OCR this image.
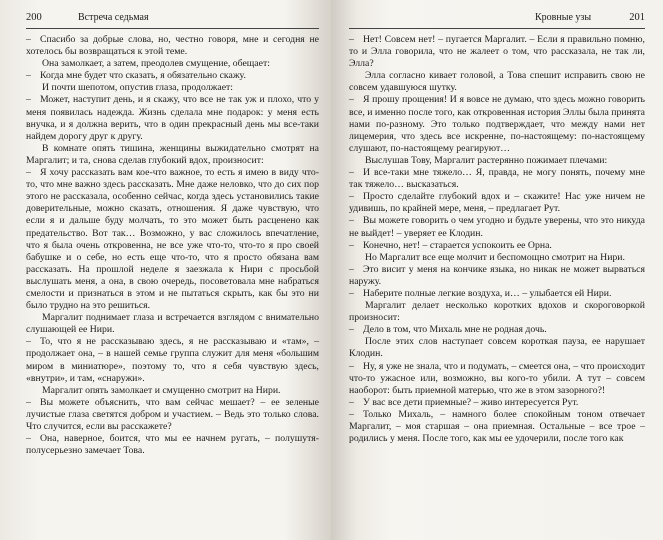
200	Встреча седьмая

– Спасибо за добрые слова, но, честно говоря, мне и сегодня не хотелось бы возвращаться к этой теме.

Она замолкает, а затем, преодолев смущение, обещает:

– Когда мне будет что сказать, я обязательно скажу.

И почти шепотом, опустив глаза, продолжает:

– Может, наступит день, и я скажу, что все не так уж и плохо, что у меня появилась надежда. Жизнь сделала мне подарок: у меня есть внучка, и я должна верить, что в один прекрасный день мы все-таки найдем дорогу друг к другу.

В комнате опять тишина, женщины выжидательно смотрят на Маргалит; и та, снова сделав глубокий вдох, произносит:

– Я хочу рассказать вам кое-что важное, то есть я имею в виду что-то, что мне важно здесь рассказать. Мне даже неловко, что до сих пор этого не рассказала, особенно сейчас, когда здесь установились такие доверительные, можно сказать, отношения. Я даже чувствую, что если я и дальше буду молчать, то это может быть расценено как предательство. Вот так… Возможно, у вас сложилось впечатление, что я была очень откровенна, не все уже что-то, что-то я про своей бабушке и о себе, но есть еще что-то, что я просто обязана вам рассказать. На прошлой неделе я заезжала к Нири с просьбой выслушать меня, а она, в свою очередь, посоветовала мне набраться смелости и признаться в этом и не пытаться скрыть, как бы это ни было трудно на это решиться.

Маргалит поднимает глаза и встречается взглядом с внимательно слушающей ее Нири.

– То, что я не рассказываю здесь, я не рассказываю и «там», – продолжает она, – в нашей семье группа служит для меня «большим миром в миниатюре», поэтому то, что я себя чувствую здесь, «внутри», и там, «снаружи».

Маргалит опять замолкает и смущенно смотрит на Нири.

– Вы можете объяснить, что вам сейчас мешает? – ее зеленые лучистые глаза светятся добром и участием. – Ведь это только слова. Что случится, если вы расскажете?

– Она, наверное, боится, что мы ее начнем ругать, – полушутя-полусерьезно замечает Това.

Кровные узы	201

– Нет! Совсем нет! – пугается Маргалит. – Если я правильно помню, то и Элла говорила, что не жалеет о том, что рассказала, не так ли, Элла?

Элла согласно кивает головой, а Това спешит исправить свою не совсем удавшуюся шутку.

– Я прошу прощения! И я вовсе не думаю, что здесь можно говорить все, и именно после того, как откровенная история Эллы была принята нами по-разному. Это только подтверждает, что между нами нет лицемерия, что здесь все искренне, по-настоящему: по-настоящему слушают, по-настоящему реагируют…

Выслушав Тову, Маргалит растерянно пожимает плечами:

– И все-таки мне тяжело… Я, правда, не могу понять, почему мне так тяжело… высказаться.

– Просто сделайте глубокий вдох и – скажите! Нас уже ничем не удивишь, по крайней мере, меня, – предлагает Рут.

– Вы можете говорить о чем угодно и будьте уверены, что это никуда не выйдет! – уверяет ее Клодин.

– Конечно, нет! – старается успокоить ее Орна.

Но Маргалит все еще молчит и беспомощно смотрит на Нири.

– Это висит у меня на кончике языка, но никак не может вырваться наружу.

– Наберите полные легкие воздуха, и… – улыбается ей Нири.

Маргалит делает несколько коротких вдохов и скороговоркой произносит:

– Дело в том, что Михаль мне не родная дочь.

После этих слов наступает совсем короткая пауза, ее нарушает Клодин.

– Ну, я уже не знала, что и подумать, – смеется она, – что происходит что-то ужасное или, возможно, вы кого-то убили. А тут – совсем наоборот: быть приемной матерью, что же в этом зазорного?!

– У вас все дети приемные? – живо интересуется Рут.

– Только Михаль, – намного более спокойным тоном отвечает Маргалит, – моя старшая – она приемная. Остальные – все трое – родились у меня. После того, как мы ее удочерили, после того как
